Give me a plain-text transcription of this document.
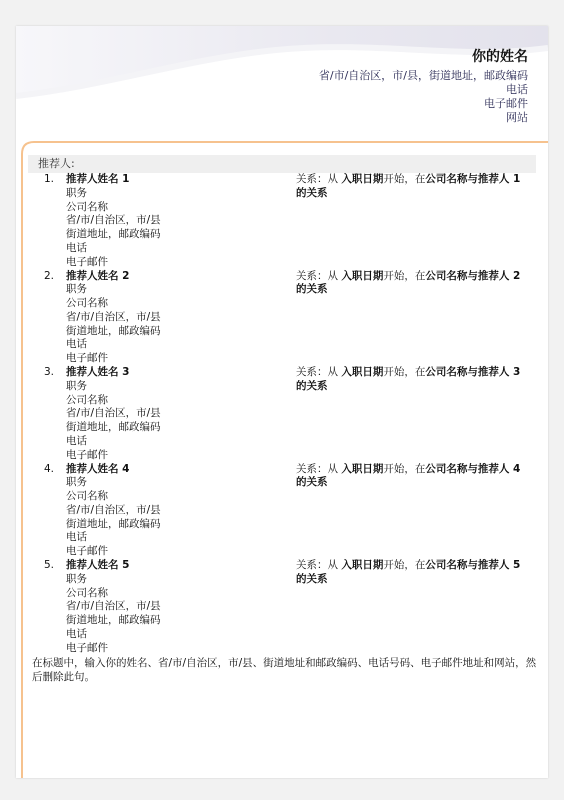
你的姓名
省/市/自治区，市/县，街道地址，邮政编码
电话
电子邮件
网站
推荐人:
1.	推荐人姓名 1
职务
公司名称
省/市/自治区，市/县
街道地址，邮政编码
电话
电子邮件
关系：从 入职日期开始，在公司名称与推荐人 1 的关系
2.	推荐人姓名 2
职务
公司名称
省/市/自治区，市/县
街道地址，邮政编码
电话
电子邮件
关系：从 入职日期开始，在公司名称与推荐人 2 的关系
3.	推荐人姓名 3
职务
公司名称
省/市/自治区，市/县
街道地址，邮政编码
电话
电子邮件
关系：从 入职日期开始，在公司名称与推荐人 3 的关系
4.	推荐人姓名 4
职务
公司名称
省/市/自治区，市/县
街道地址，邮政编码
电话
电子邮件
关系：从 入职日期开始，在公司名称与推荐人 4 的关系
5.	推荐人姓名 5
职务
公司名称
省/市/自治区，市/县
街道地址，邮政编码
电话
电子邮件
关系：从 入职日期开始，在公司名称与推荐人 5 的关系
在标题中，输入你的姓名、省/市/自治区，市/县、街道地址和邮政编码、电话号码、电子邮件地址和网站，然后删除此句。
